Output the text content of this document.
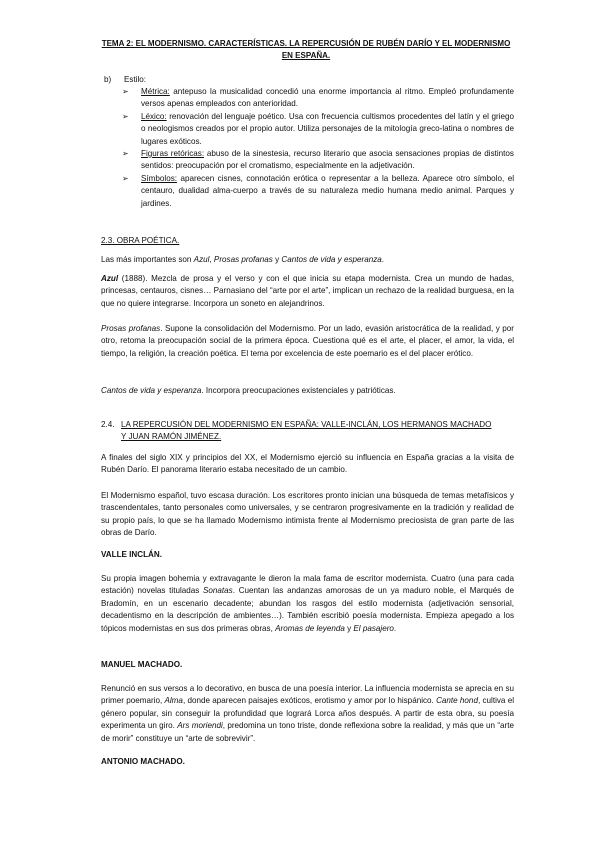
TEMA 2: EL MODERNISMO. CARACTERÍSTICAS. LA REPERCUSIÓN DE RUBÉN DARÍO Y EL MODERNISMO EN ESPAÑA.
b) Estilo:
➢ Métrica: antepuso la musicalidad concedió una enorme importancia al ritmo. Empleó profundamente versos apenas empleados con anterioridad.
➢ Léxico: renovación del lenguaje poético. Usa con frecuencia cultismos procedentes del latín y el griego o neologismos creados por el propio autor. Utiliza personajes de la mitología greco-latina o nombres de lugares exóticos.
➢ Figuras retóricas: abuso de la sinestesia, recurso literario que asocia sensaciones propias de distintos sentidos: preocupación por el cromatismo, especialmente en la adjetivación.
➢ Símbolos: aparecen cisnes, connotación erótica o representar a la belleza. Aparece otro símbolo, el centauro, dualidad alma-cuerpo a través de su naturaleza medio humana medio animal. Parques y jardines.
2.3. OBRA POÉTICA.

Las más importantes son Azul, Prosas profanas y Cantos de vida y esperanza.

Azul (1888). Mezcla de prosa y el verso y con el que inicia su etapa modernista. Crea un mundo de hadas, princesas, centauros, cisnes… Parnasiano del “arte por el arte”, implican un rechazo de la realidad burguesa, en la que no quiere integrarse. Incorpora un soneto en alejandrinos.

Prosas profanas. Supone la consolidación del Modernismo. Por un lado, evasión aristocrática de la realidad, y por otro, retoma la preocupación social de la primera época. Cuestiona qué es el arte, el placer, el amor, la vida, el tiempo, la religión, la creación poética. El tema por excelencia de este poemario es el del placer erótico.

Cantos de vida y esperanza. Incorpora preocupaciones existenciales y patrióticas.

2.4. LA REPERCUSIÓN DEL MODERNISMO EN ESPAÑA: VALLE-INCLÁN, LOS HERMANOS MACHADO
Y JUAN RAMÓN JIMÉNEZ.

A finales del siglo XIX y principios del XX, el Modernismo ejerció su influencia en España gracias a la visita de Rubén Darío. El panorama literario estaba necesitado de un cambio.

El Modernismo español, tuvo escasa duración. Los escritores pronto inician una búsqueda de temas metafísicos y trascendentales, tanto personales como universales, y se centraron progresivamente en la tradición y realidad de su propio país, lo que se ha llamado Modernismo intimista frente al Modernismo preciosista de gran parte de las obras de Darío.

VALLE INCLÁN.

Su propia imagen bohemia y extravagante le dieron la mala fama de escritor modernista. Cuatro (una para cada estación) novelas tituladas Sonatas. Cuentan las andanzas amorosas de un ya maduro noble, el Marqués de Bradomín, en un escenario decadente; abundan los rasgos del estilo modernista (adjetivación sensorial, decadentismo en la descripción de ambientes…). También escribió poesía modernista. Empieza apegado a los tópicos modernistas en sus dos primeras obras, Aromas de leyenda y El pasajero.

MANUEL MACHADO.

Renunció en sus versos a lo decorativo, en busca de una poesía interior. La influencia modernista se aprecia en su primer poemario, Alma, donde aparecen paisajes exóticos, erotismo y amor por lo hispánico. Cante hond, cultiva el género popular, sin conseguir la profundidad que logrará Lorca años después. A partir de esta obra, su poesía experimenta un giro. Ars moriendi, predomina un tono triste, donde reflexiona sobre la realidad, y más que un “arte de morir” constituye un “arte de sobrevivir”.

ANTONIO MACHADO.
